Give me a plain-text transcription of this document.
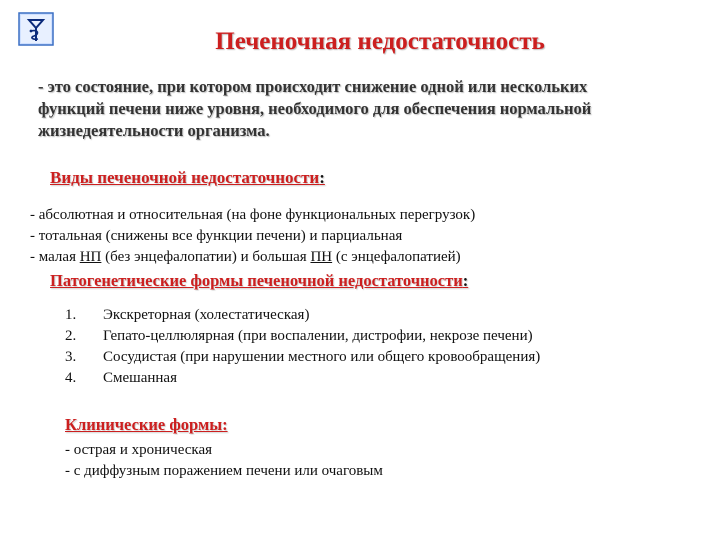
Печеночная недостаточность
- это состояние, при котором происходит снижение одной или нескольких функций печени ниже уровня, необходимого для обеспечения нормальной жизнедеятельности организма.
Виды печеночной недостаточности:
- абсолютная и относительная (на фоне функциональных перегрузок)
- тотальная (снижены все функции печени) и парциальная
- малая НП (без энцефалопатии) и большая ПН (с энцефалопатией)
Патогенетические формы печеночной недостаточности:
1.	Экскреторная (холестатическая)
2.	Гепато-целлюлярная (при воспалении, дистрофии, некрозе печени)
3.	Сосудистая (при нарушении местного или общего кровообращения)
4.	Смешанная
Клинические формы:
- острая и хроническая
- с диффузным поражением печени или очаговым
